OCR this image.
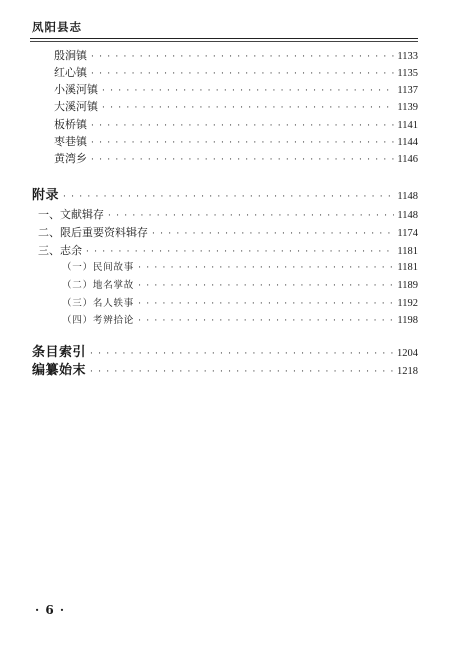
凤阳县志
殷涧镇 · · ·	1133
红心镇 · · ·	1135
小溪河镇 · · ·	1137
大溪河镇 · · ·	1139
板桥镇 · · ·	1141
枣巷镇 · · ·	1144
黄湾乡 · · ·	1146
附录 · · ·	1148
一、文献辑存 · · ·	1148
二、限后重要资料辑存 · · ·	1174
三、志余 · · ·	1181
（一）民间故事 · · ·	1181
（二）地名掌故 · · ·	1189
（三）名人轶事 · · ·	1192
（四）考辨拾论 · · ·	1198
条目索引 · · ·	1204
编纂始末 · · ·	1218
· 6 ·
